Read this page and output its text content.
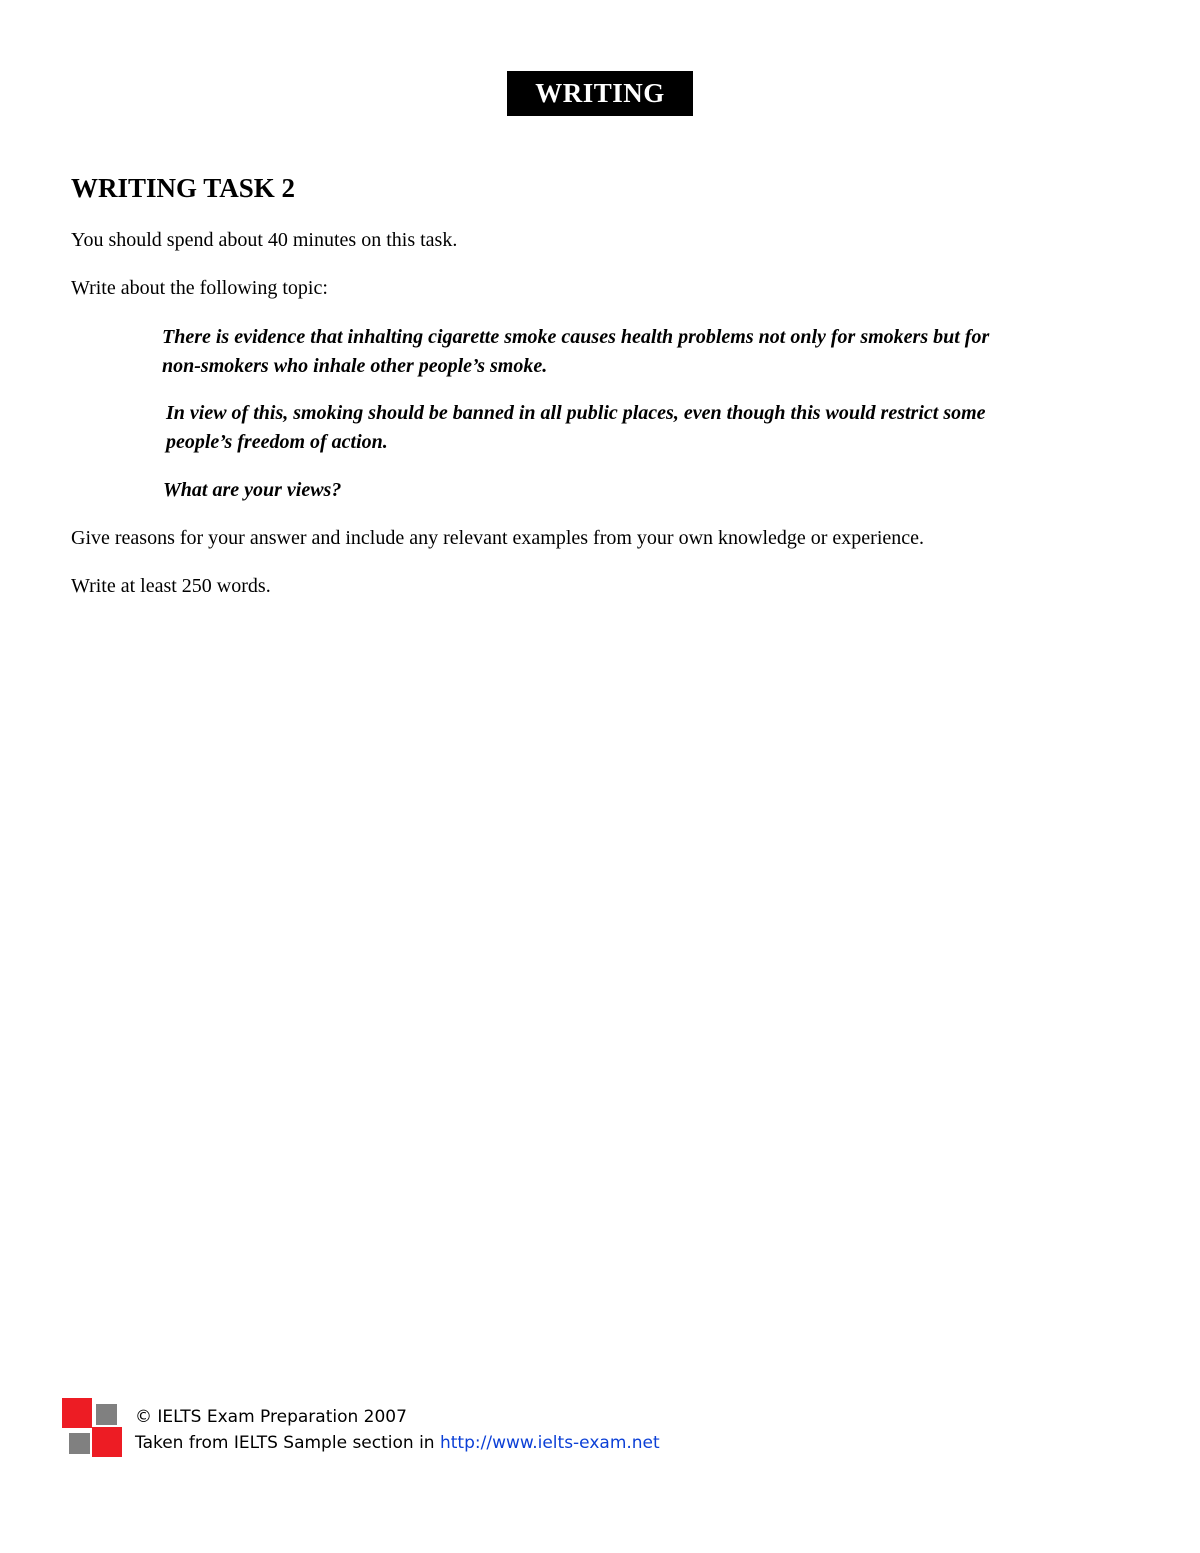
WRITING
WRITING TASK 2
You should spend about 40 minutes on this task.
Write about the following topic:
There is evidence that inhalting cigarette smoke causes health problems not only for smokers but for
non-smokers who inhale other people’s smoke.
In view of this, smoking should be banned in all public places, even though this would restrict some
people’s freedom of action.
What are your views?
Give reasons for your answer and include any relevant examples from your own knowledge or experience.
Write at least 250 words.
© IELTS Exam Preparation 2007
Taken from IELTS Sample section in http://www.ielts-exam.net
